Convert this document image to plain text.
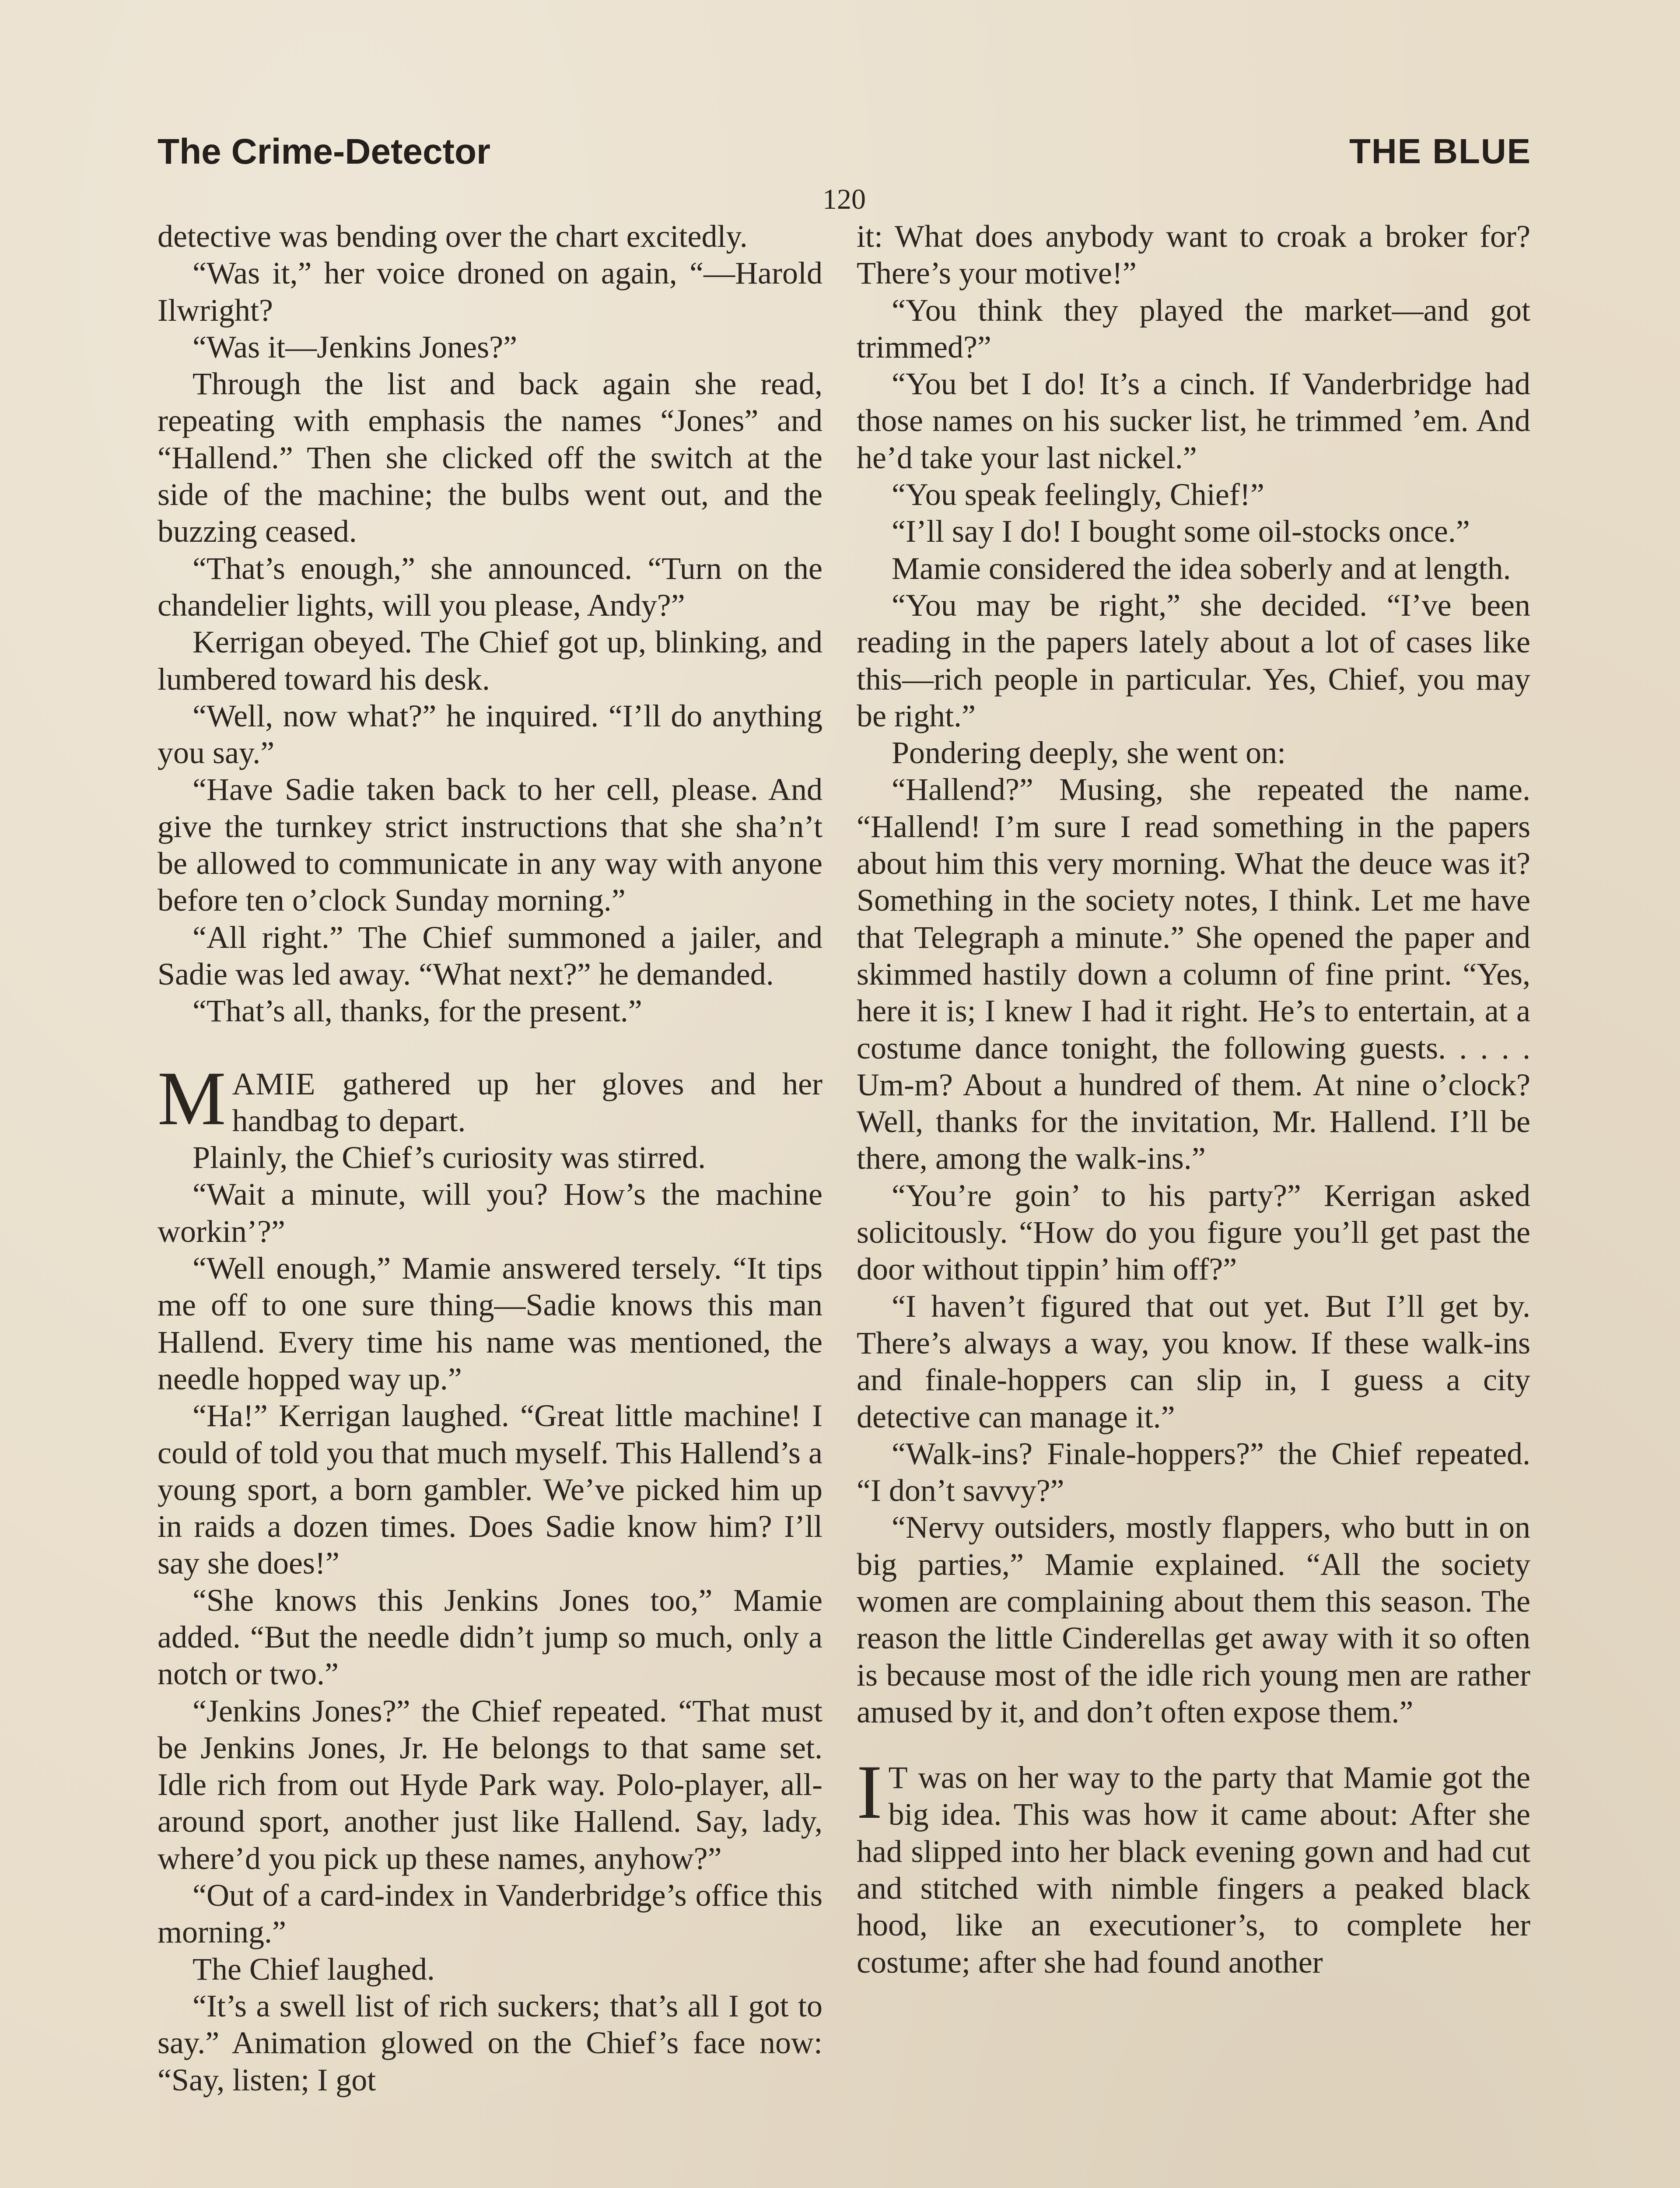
The Crime-Detector	THE BLUE
120

detective was bending over the chart excitedly.

“Was it,” her voice droned on again, “—Harold Ilwright?

“Was it—Jenkins Jones?”

Through the list and back again she read, repeating with emphasis the names “Jones” and “Hallend.” Then she clicked off the switch at the side of the machine; the bulbs went out, and the buzzing ceased.

“That’s enough,” she announced. “Turn on the chandelier lights, will you please, Andy?”

Kerrigan obeyed. The Chief got up, blinking, and lumbered toward his desk.

“Well, now what?” he inquired. “I’ll do anything you say.”

“Have Sadie taken back to her cell, please. And give the turnkey strict instructions that she sha’n’t be allowed to communicate in any way with anyone before ten o’clock Sunday morning.”

“All right.” The Chief summoned a jailer, and Sadie was led away. “What next?” he demanded.

“That’s all, thanks, for the present.”

MAMIE gathered up her gloves and her handbag to depart.

Plainly, the Chief’s curiosity was stirred.

“Wait a minute, will you? How’s the machine workin’?”

“Well enough,” Mamie answered tersely. “It tips me off to one sure thing—Sadie knows this man Hallend. Every time his name was mentioned, the needle hopped way up.”

“Ha!” Kerrigan laughed. “Great little machine! I could of told you that much myself. This Hallend’s a young sport, a born gambler. We’ve picked him up in raids a dozen times. Does Sadie know him? I’ll say she does!”

“She knows this Jenkins Jones too,” Mamie added. “But the needle didn’t jump so much, only a notch or two.”

“Jenkins Jones?” the Chief repeated. “That must be Jenkins Jones, Jr. He belongs to that same set. Idle rich from out Hyde Park way. Polo-player, all-around sport, another just like Hallend. Say, lady, where’d you pick up these names, anyhow?”

“Out of a card-index in Vanderbridge’s office this morning.”

The Chief laughed.

“It’s a swell list of rich suckers; that’s all I got to say.” Animation glowed on the Chief’s face now: “Say, listen; I got

it: What does anybody want to croak a broker for? There’s your motive!”

“You think they played the market—and got trimmed?”

“You bet I do! It’s a cinch. If Vanderbridge had those names on his sucker list, he trimmed ’em. And he’d take your last nickel.”

“You speak feelingly, Chief!”

“I’ll say I do! I bought some oil-stocks once.”

Mamie considered the idea soberly and at length.

“You may be right,” she decided. “I’ve been reading in the papers lately about a lot of cases like this—rich people in particular. Yes, Chief, you may be right.”

Pondering deeply, she went on:

“Hallend?” Musing, she repeated the name. “Hallend! I’m sure I read something in the papers about him this very morning. What the deuce was it? Something in the society notes, I think. Let me have that Telegraph a minute.” She opened the paper and skimmed hastily down a column of fine print. “Yes, here it is; I knew I had it right. He’s to entertain, at a costume dance tonight, the following guests. . . . . Um-m? About a hundred of them. At nine o’clock? Well, thanks for the invitation, Mr. Hallend. I’ll be there, among the walk-ins.”

“You’re goin’ to his party?” Kerrigan asked solicitously. “How do you figure you’ll get past the door without tippin’ him off?”

“I haven’t figured that out yet. But I’ll get by. There’s always a way, you know. If these walk-ins and finale-hoppers can slip in, I guess a city detective can manage it.”

“Walk-ins? Finale-hoppers?” the Chief repeated. “I don’t savvy?”

“Nervy outsiders, mostly flappers, who butt in on big parties,” Mamie explained. “All the society women are complaining about them this season. The reason the little Cinderellas get away with it so often is because most of the idle rich young men are rather amused by it, and don’t often expose them.”

I T was on her way to the party that Mamie got the big idea. This was how it came about: After she had slipped into her black evening gown and had cut and stitched with nimble fingers a peaked black hood, like an executioner’s, to complete her costume; after she had found another
